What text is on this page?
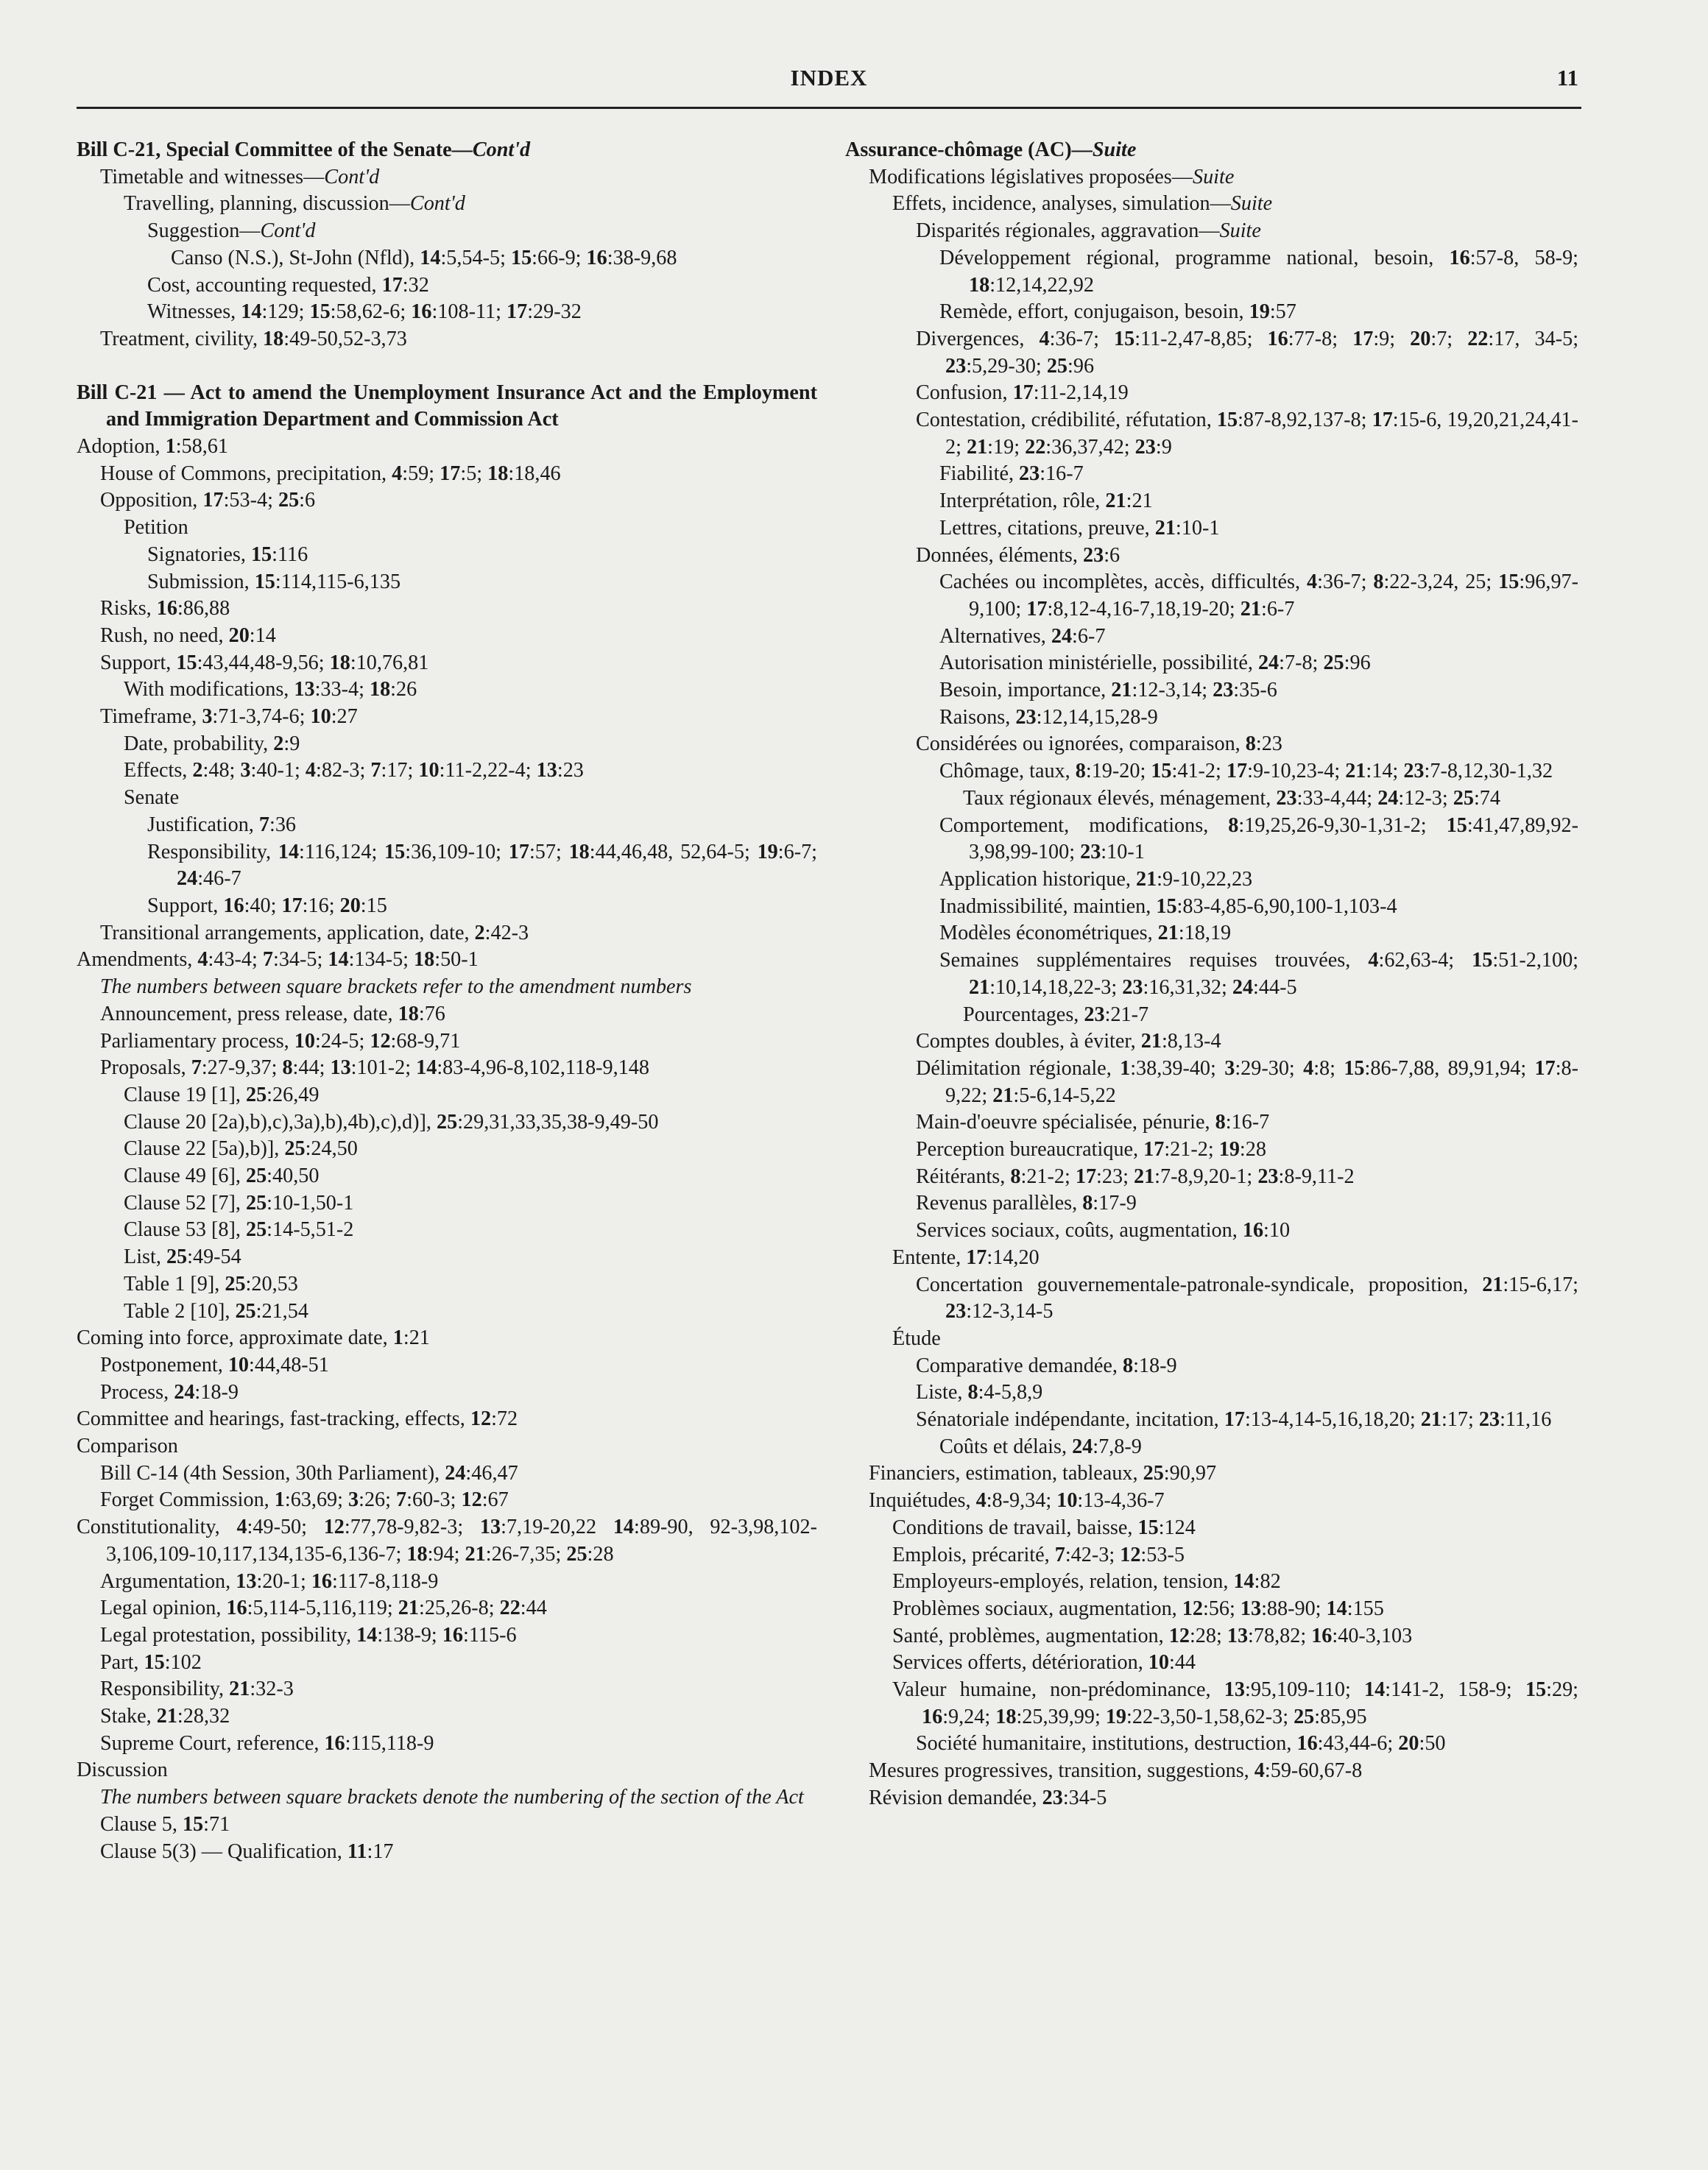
INDEX	11
Bill C-21, Special Committee of the Senate—Cont'd
Timetable and witnesses—Cont'd
Travelling, planning, discussion—Cont'd
Suggestion—Cont'd
Canso (N.S.), St-John (Nfld), 14:5,54-5; 15:66-9; 16:38-9,68
Cost, accounting requested, 17:32
Witnesses, 14:129; 15:58,62-6; 16:108-11; 17:29-32
Treatment, civility, 18:49-50,52-3,73
Bill C-21 — Act to amend the Unemployment Insurance Act and the Employment and Immigration Department and Commission Act
Adoption, 1:58,61
House of Commons, precipitation, 4:59; 17:5; 18:18,46
Opposition, 17:53-4; 25:6
Petition
Signatories, 15:116
Submission, 15:114,115-6,135
Risks, 16:86,88
Rush, no need, 20:14
Support, 15:43,44,48-9,56; 18:10,76,81
With modifications, 13:33-4; 18:26
Timeframe, 3:71-3,74-6; 10:27
Date, probability, 2:9
Effects, 2:48; 3:40-1; 4:82-3; 7:17; 10:11-2,22-4; 13:23
Senate
Justification, 7:36
Responsibility, 14:116,124; 15:36,109-10; 17:57; 18:44,46,48, 52,64-5; 19:6-7; 24:46-7
Support, 16:40; 17:16; 20:15
Transitional arrangements, application, date, 2:42-3
Amendments, 4:43-4; 7:34-5; 14:134-5; 18:50-1
The numbers between square brackets refer to the amendment numbers
Announcement, press release, date, 18:76
Parliamentary process, 10:24-5; 12:68-9,71
Proposals, 7:27-9,37; 8:44; 13:101-2; 14:83-4,96-8,102,118-9,148
Clause 19 [1], 25:26,49
Clause 20 [2a),b),c),3a),b),4b),c),d)], 25:29,31,33,35,38-9,49-50
Clause 22 [5a),b)], 25:24,50
Clause 49 [6], 25:40,50
Clause 52 [7], 25:10-1,50-1
Clause 53 [8], 25:14-5,51-2
List, 25:49-54
Table 1 [9], 25:20,53
Table 2 [10], 25:21,54
Coming into force, approximate date, 1:21
Postponement, 10:44,48-51
Process, 24:18-9
Committee and hearings, fast-tracking, effects, 12:72
Comparison
Bill C-14 (4th Session, 30th Parliament), 24:46,47
Forget Commission, 1:63,69; 3:26; 7:60-3; 12:67
Constitutionality, 4:49-50; 12:77,78-9,82-3; 13:7,19-20,22 14:89-90, 92-3,98,102-3,106,109-10,117,134,135-6,136-7; 18:94; 21:26-7,35; 25:28
Argumentation, 13:20-1; 16:117-8,118-9
Legal opinion, 16:5,114-5,116,119; 21:25,26-8; 22:44
Legal protestation, possibility, 14:138-9; 16:115-6
Part, 15:102
Responsibility, 21:32-3
Stake, 21:28,32
Supreme Court, reference, 16:115,118-9
Discussion
The numbers between square brackets denote the numbering of the section of the Act
Clause 5, 15:71
Clause 5(3) — Qualification, 11:17
Assurance-chômage (AC)—Suite
Modifications législatives proposées—Suite
Effets, incidence, analyses, simulation—Suite
Disparités régionales, aggravation—Suite
Développement régional, programme national, besoin, 16:57-8, 58-9; 18:12,14,22,92
Remède, effort, conjugaison, besoin, 19:57
Divergences, 4:36-7; 15:11-2,47-8,85; 16:77-8; 17:9; 20:7; 22:17, 34-5; 23:5,29-30; 25:96
Confusion, 17:11-2,14,19
Contestation, crédibilité, réfutation, 15:87-8,92,137-8; 17:15-6, 19,20,21,24,41-2; 21:19; 22:36,37,42; 23:9
Fiabilité, 23:16-7
Interprétation, rôle, 21:21
Lettres, citations, preuve, 21:10-1
Données, éléments, 23:6
Cachées ou incomplètes, accès, difficultés, 4:36-7; 8:22-3,24, 25; 15:96,97-9,100; 17:8,12-4,16-7,18,19-20; 21:6-7
Alternatives, 24:6-7
Autorisation ministérielle, possibilité, 24:7-8; 25:96
Besoin, importance, 21:12-3,14; 23:35-6
Raisons, 23:12,14,15,28-9
Considérées ou ignorées, comparaison, 8:23
Chômage, taux, 8:19-20; 15:41-2; 17:9-10,23-4; 21:14; 23:7-8,12,30-1,32
Taux régionaux élevés, ménagement, 23:33-4,44; 24:12-3; 25:74
Comportement, modifications, 8:19,25,26-9,30-1,31-2; 15:41,47,89,92-3,98,99-100; 23:10-1
Application historique, 21:9-10,22,23
Inadmissibilité, maintien, 15:83-4,85-6,90,100-1,103-4
Modèles économétriques, 21:18,19
Semaines supplémentaires requises trouvées, 4:62,63-4; 15:51-2,100; 21:10,14,18,22-3; 23:16,31,32; 24:44-5
Pourcentages, 23:21-7
Comptes doubles, à éviter, 21:8,13-4
Délimitation régionale, 1:38,39-40; 3:29-30; 4:8; 15:86-7,88, 89,91,94; 17:8-9,22; 21:5-6,14-5,22
Main-d'oeuvre spécialisée, pénurie, 8:16-7
Perception bureaucratique, 17:21-2; 19:28
Réitérants, 8:21-2; 17:23; 21:7-8,9,20-1; 23:8-9,11-2
Revenus parallèles, 8:17-9
Services sociaux, coûts, augmentation, 16:10
Entente, 17:14,20
Concertation gouvernementale-patronale-syndicale, proposition, 21:15-6,17; 23:12-3,14-5
Étude
Comparative demandée, 8:18-9
Liste, 8:4-5,8,9
Sénatoriale indépendante, incitation, 17:13-4,14-5,16,18,20; 21:17; 23:11,16
Coûts et délais, 24:7,8-9
Financiers, estimation, tableaux, 25:90,97
Inquiétudes, 4:8-9,34; 10:13-4,36-7
Conditions de travail, baisse, 15:124
Emplois, précarité, 7:42-3; 12:53-5
Employeurs-employés, relation, tension, 14:82
Problèmes sociaux, augmentation, 12:56; 13:88-90; 14:155
Santé, problèmes, augmentation, 12:28; 13:78,82; 16:40-3,103
Services offerts, détérioration, 10:44
Valeur humaine, non-prédominance, 13:95,109-110; 14:141-2, 158-9; 15:29; 16:9,24; 18:25,39,99; 19:22-3,50-1,58,62-3; 25:85,95
Société humanitaire, institutions, destruction, 16:43,44-6; 20:50
Mesures progressives, transition, suggestions, 4:59-60,67-8
Révision demandée, 23:34-5
